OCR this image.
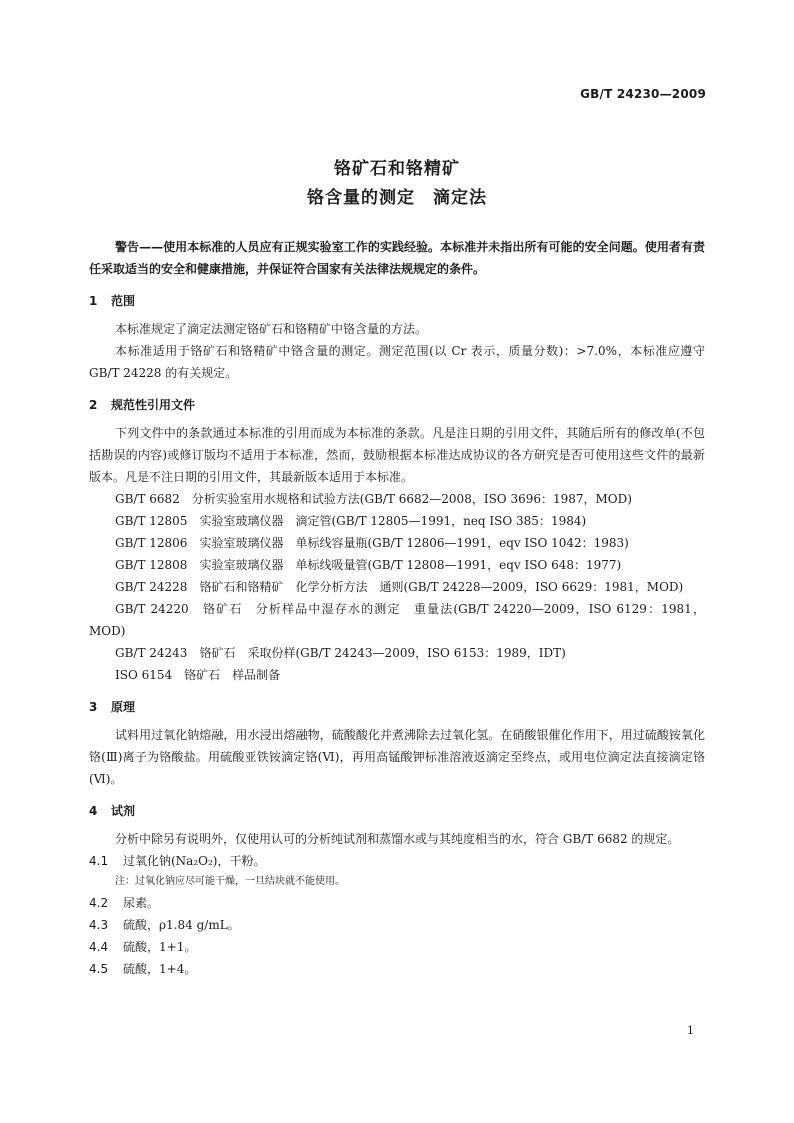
GB/T 24230—2009
铬矿石和铬精矿
铬含量的测定　滴定法

警告——使用本标准的人员应有正规实验室工作的实践经验。本标准并未指出所有可能的安全问题。使用者有责任采取适当的安全和健康措施，并保证符合国家有关法律法规规定的条件。

1 范围

本标准规定了滴定法测定铬矿石和铬精矿中铬含量的方法。

本标准适用于铬矿石和铬精矿中铬含量的测定。测定范围(以 Cr 表示，质量分数)：>7.0%，本标准应遵守 GB/T 24228 的有关规定。

2 规范性引用文件

下列文件中的条款通过本标准的引用而成为本标准的条款。凡是注日期的引用文件，其随后所有的修改单(不包括勘误的内容)或修订版均不适用于本标准，然而，鼓励根据本标准达成协议的各方研究是否可使用这些文件的最新版本。凡是不注日期的引用文件，其最新版本适用于本标准。

GB/T 6682　分析实验室用水规格和试验方法(GB/T 6682—2008，ISO 3696：1987，MOD)

GB/T 12805　实验室玻璃仪器　滴定管(GB/T 12805—1991，neq ISO 385：1984)

GB/T 12806　实验室玻璃仪器　单标线容量瓶(GB/T 12806—1991，eqv ISO 1042：1983)

GB/T 12808　实验室玻璃仪器　单标线吸量管(GB/T 12808—1991，eqv ISO 648：1977)

GB/T 24228　铬矿石和铬精矿　化学分析方法　通则(GB/T 24228—2009，ISO 6629：1981，MOD)

GB/T 24220　铬矿石　分析样品中湿存水的测定　重量法(GB/T 24220—2009，ISO 6129：1981，MOD)

GB/T 24243　铬矿石　采取份样(GB/T 24243—2009，ISO 6153：1989，IDT)

ISO 6154　铬矿石　样品制备

3 原理

试料用过氧化钠熔融，用水浸出熔融物，硫酸酸化并煮沸除去过氧化氢。在硝酸银催化作用下，用过硫酸铵氧化铬(Ⅲ)离子为铬酸盐。用硫酸亚铁铵滴定铬(Ⅵ)，再用高锰酸钾标准溶液返滴定至终点，或用电位滴定法直接滴定铬(Ⅵ)。

4 试剂

分析中除另有说明外，仅使用认可的分析纯试剂和蒸馏水或与其纯度相当的水，符合 GB/T 6682 的规定。

4.1 过氧化钠(Na₂O₂)，干粉。

注：过氧化钠应尽可能干燥，一旦结块就不能使用。

4.2 尿素。

4.3 硫酸，ρ1.84 g/mL。

4.4 硫酸，1+1。

4.5 硫酸，1+4。

1
